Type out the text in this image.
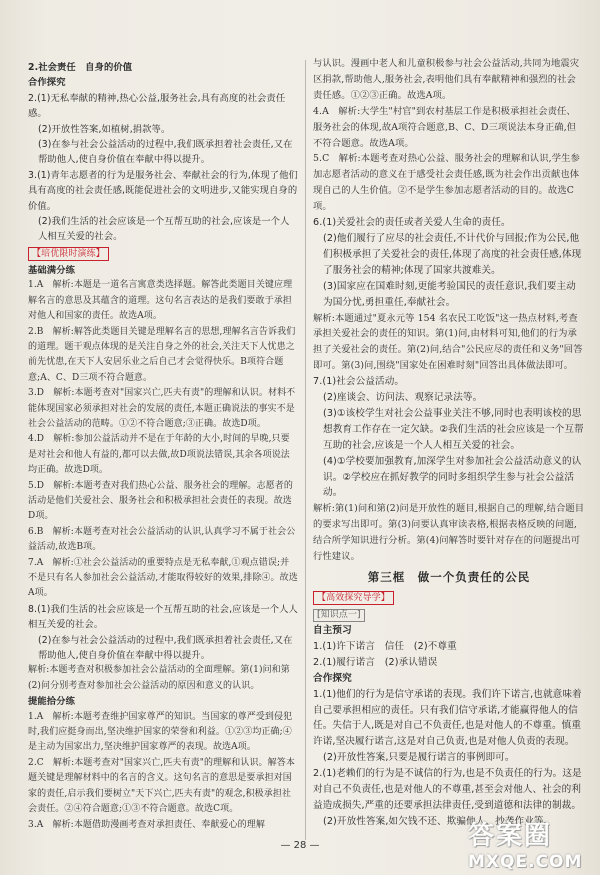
2.社会责任　自身的价值
合作探究
2.(1)无私奉献的精神,热心公益,服务社会,具有高度的社会责任感。
(2)开放性答案,如植树,捐款等。
(3)在参与社会公益活动的过程中,我们既承担着社会责任,又在帮助他人,使自身价值在奉献中得以提升。
3.(1)青年志愿者的行为是服务社会、奉献社会的行为,体现了他们具有高度的社会责任感,既能促进社会的文明进步,又能实现自身的价值。
(2)我们生活的社会应该是一个互帮互助的社会,应该是一个人人相互关爱的社会。
【培优限时演练】
基础满分练
1.A　解析:本题是一道名言寓意类选择题。解答此类题目关键应理解名言的意思及其蕴含的道理。这句名言表达的是我们要敢于承担对他人和国家的责任。故选A项。
2.B　解析:解答此类题目关键是理解名言的思想,理解名言告诉我们的道理。题干观点体现的是关注自身之外的社会,关注天下人忧患之前先忧患,在天下人安居乐业之后自己才会觉得快乐。B项符合题意;A、C、D三项不符合题意。
3.D　解析:本题考查对"国家兴亡,匹夫有责"的理解和认识。材料不能体现国家必须承担对社会的发展的责任,本题正确说法的事实不是社会公益活动的范畴。①②不符合题意;③正确。故选D项。
4.D　解析:参加公益活动并不是在于年龄的大小,时间的早晚,只要是对社会和他人有益的,都可以去做,故D项说法错误,其余各项说法均正确。故选D项。
5.D　解析:本题考查对我们热心公益、服务社会的理解。志愿者的活动是他们关爱社会、服务社会和积极承担社会责任的表现。故选D项。
6.B　解析:本题考查对社会公益活动的认识,认真学习不属于社会公益活动,故选B项。
7.A　解析:①社会公益活动的重要特点是无私奉献,①观点错误;并不是只有名人参加社会公益活动,才能取得较好的效果,排除④。故选A项。
8.(1)我们生活的社会应该是一个互帮互助的社会,应该是一个人人相互关爱的社会。
(2)在参与社会公益活动的过程中,我们既承担着社会责任,又在帮助他人,使自身价值在奉献中得以提升。
解析:本题考查对积极参加社会公益活动的全面理解。第(1)问和第(2)问分别考查对参加社会公益活动的原因和意义的认识。
提能拾分练
1.A　解析:本题考查维护国家尊严的知识。当国家的尊严受到侵犯时,我们应挺身而出,坚决维护国家的荣誉和利益。①②③均正确;④是主动为国家出力,坚决维护国家尊严的表现。故选A项。
2.C　解析:本题考查对"国家兴亡,匹夫有责"的理解和认识。解答本题关键是理解材料中的名言的含义。这句名言的意思是要承担对国家的责任,启示我们要树立"天下兴亡,匹夫有责"的观念,积极承担社会责任。②④符合题意;①③不符合题意。故选C项。
3.A　解析:本题借助漫画考查对承担责任、奉献爱心的理解
与认识。漫画中老人和儿童积极参与社会公益活动,共同为地震灾区捐款,帮助他人,服务社会,表明他们具有奉献精神和强烈的社会责任感。①②③正确。故选A项。
4.A　解析:大学生"村官"到农村基层工作是积极承担社会责任、服务社会的体现,故A项符合题意,B、C、D三项说法本身正确,但不符合题意。故选A项。
5.C　解析:本题考查对热心公益、服务社会的理解和认识,学生参加志愿者活动的意义在于感受社会责任感,既为社会作出贡献也体现自己的人生价值。②不是学生参加志愿者活动的目的。故选C项。
6.(1)关爱社会的责任或者关爱人生命的责任。
(2)他们履行了应尽的社会责任,不计代价与回报;作为公民,他们积极承担了关爱社会的责任,体现了高度的社会责任感,体现了服务社会的精神;体现了国家共渡难关。
(3)国家应在国难时刻,更能考验国民的责任意识,我们要主动为国分忧,勇担重任,奉献社会。
解析:本题通过"夏永元等 154 名农民工吃饭"这一热点材料,考查承担关爱社会的责任的知识。第(1)问,由材料可知,他们的行为承担了关爱社会的责任。第(2)问,结合"公民应尽的责任和义务"回答即可。第(3)问,围绕"国家处在困难时刻"回答出具体做法即可。
7.(1)社会公益活动。
(2)座谈会、访问法、观察记录法等。
(3)①该校学生对社会公益事业关注不够,同时也表明该校的思想教育工作存在一定欠缺。②我们生活的社会应该是一个互帮互助的社会,应该是一个人人相互关爱的社会。
(4)①学校要加强教育,加深学生对参加社会公益活动意义的认识。②学校应在抓好教学的同时多组织学生参与社会公益活动。
解析:第(1)问和第(2)问是开放性的题目,根据自己的理解,结合题目的要求写出即可。第(3)问要认真审读表格,根据表格反映的问题,结合所学知识进行分析。第(4)问解答时要针对存在的问题提出可行性建议。
第三框　做一个负责任的公民
【高效探究导学】
[知识点一]
自主预习
1.(1)许下诺言　信任　(2)不尊重
2.(1)履行诺言　(2)承认错误
合作探究
1.(1)他们的行为是信守承诺的表现。我们许下诺言,也就意味着自己要承担相应的责任。只有我们信守承诺,才能赢得他人的信任。失信于人,既是对自己不负责任,也是对他人的不尊重。慎重许诺,坚决履行诺言,这是对自己负责,也是对他人负责的表现。
(2)开放性答案,只要是履行诺言的事例即可。
2.(1)老赖们的行为是不诚信的行为,也是不负责任的行为。这是对自己不负责任,也是对他人的不尊重,甚至会对他人、社会的利益造成损失,严重的还要承担法律责任,受到道德和法律的制裁。
(2)开放性答案,如欠钱不还、欺骗他人、抄袭作业等。
— 28 —	答案圈
MXQE.COM
